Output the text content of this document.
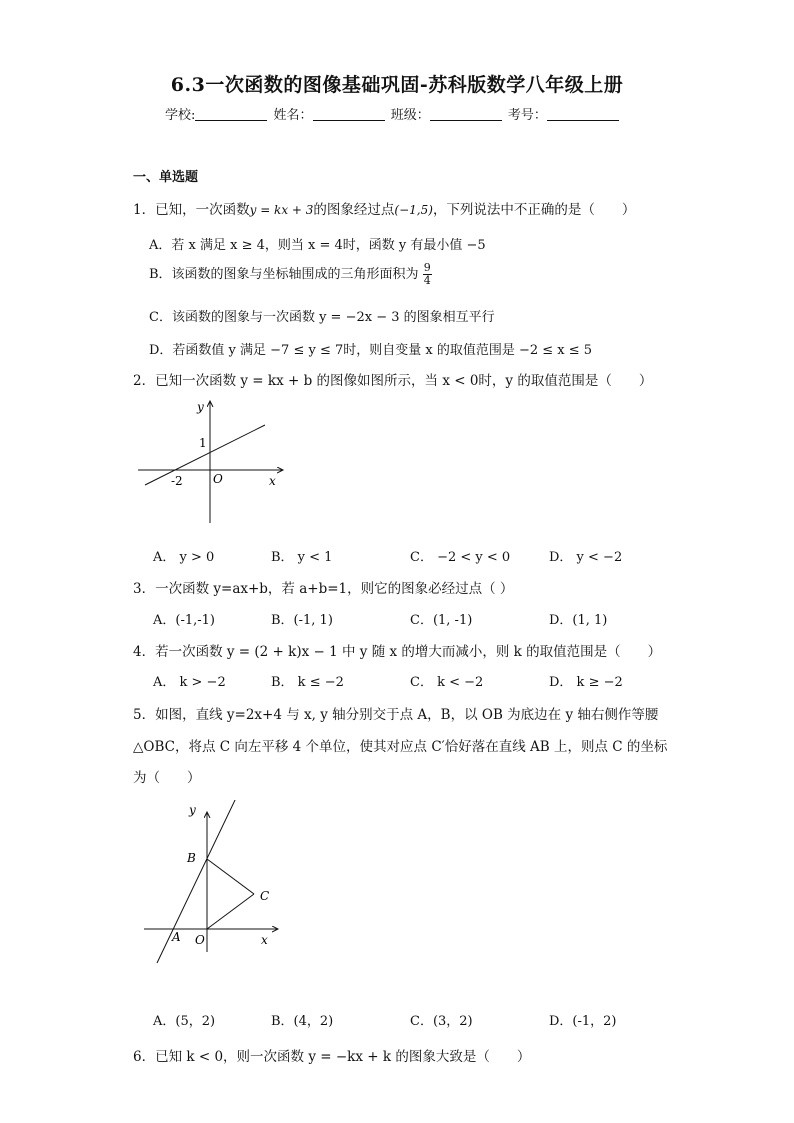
6.3一次函数的图像基础巩固-苏科版数学八年级上册
学校:	姓名：	班级：	考号：
一、单选题
1．已知，一次函数y = kx + 3的图象经过点(−1,5)，下列说法中不正确的是（　　）
A．若 x 满足 x ≥ 4，则当 x = 4时，函数 y 有最小值 −5
B．该函数的图象与坐标轴围成的三角形面积为 $\frac{9}{4}$
C．该函数的图象与一次函数 y = −2x − 3 的图象相互平行
D．若函数值 y 满足 −7 ≤ y ≤ 7时，则自变量 x 的取值范围是 −2 ≤ x ≤ 5
2．已知一次函数 y = kx + b 的图像如图所示，当 x < 0时，y 的取值范围是（　　）
y
x
O
1
-2
A． y > 0	B． y < 1	C． −2 < y < 0	D． y < −2
3．一次函数 y=ax+b，若 a+b=1，则它的图象必经过点（ ）
A．(-1,-1)	B．(-1, 1)	C．(1, -1)	D．(1, 1)
4．若一次函数 y = (2 + k)x − 1 中 y 随 x 的增大而减小，则 k 的取值范围是（　　）
A． k > −2	B． k ≤ −2	C． k < −2	D． k ≥ −2
5．如图，直线 y=2x+4 与 x, y 轴分别交于点 A，B，以 OB 为底边在 y 轴右侧作等腰
△OBC，将点 C 向左平移 4 个单位，使其对应点 C′恰好落在直线 AB 上，则点 C 的坐标
为（　　）
y
x
O
A
B
C
A．(5，2)	B．(4，2)	C．(3，2)	D．(-1，2)
6．已知 k < 0，则一次函数 y = −kx + k 的图象大致是（　　）
